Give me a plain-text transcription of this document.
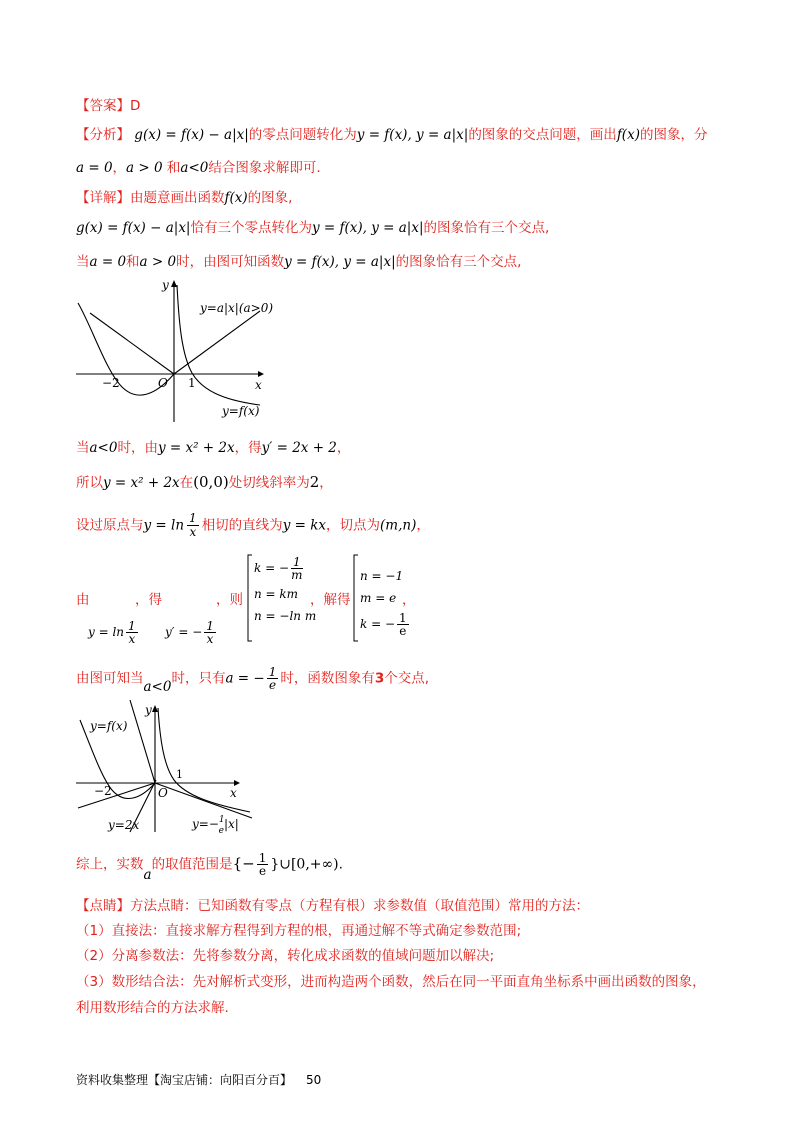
【答案】D
【分析】 g(x) = f(x) − a|x|的零点问题转化为y = f(x), y = a|x|的图象的交点问题，画出f(x)的图象，分
a = 0，a > 0 和a<0结合图象求解即可.
【详解】由题意画出函数f(x)的图象,
g(x) = f(x) − a|x|恰有三个零点转化为y = f(x), y = a|x|的图象恰有三个交点,
当a = 0和a > 0时，由图可知函数y = f(x), y = a|x|的图象恰有三个交点,
y
x
O
−2	1
y=a|x|(a>0)
y=f(x)
当a<0时，由y = x² + 2x，得y′ = 2x + 2，
所以y = x² + 2x在(0,0)处切线斜率为2，
设过原点与$y = \ln \frac{1}{x}$ 相切的直线为y = kx，切点为(m,n)，
由	，得	，则	，解得	，
$y = \ln \frac{1}{x} y'$ = − $\frac{1}{x}$
k = − $\frac{1}{m}$
n = km
n = −ln m
n = −1
m = e
k = − $\frac{1}{e}$
由图可知当a<0时，只有a = − $\frac{1}{e}$ 时，函数图象有3个交点,
y
x
O
−2
1
y=f(x)
y=2x	y=−$^1$ e|x|
综上，实数a的取值范围是{− $\frac{1}{e}$ }∪[0,+∞).
【点睛】方法点睛：已知函数有零点（方程有根）求参数值（取值范围）常用的方法：
（1）直接法：直接求解方程得到方程的根，再通过解不等式确定参数范围;
（2）分离参数法：先将参数分离，转化成求函数的值域问题加以解决;
（3）数形结合法：先对解析式变形，进而构造两个函数，然后在同一平面直角坐标系中画出函数的图象，
利用数形结合的方法求解.
资料收集整理【淘宝店铺：向阳百分百】 50
